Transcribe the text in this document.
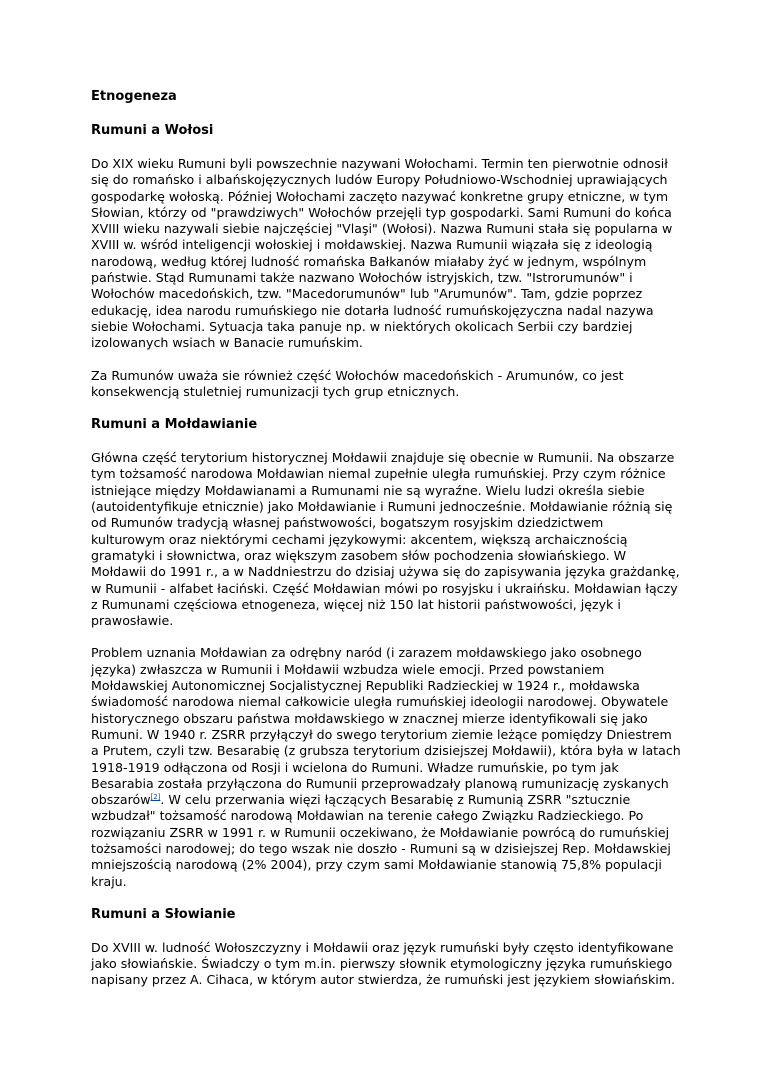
Etnogeneza
Rumuni a Wołosi

Do XIX wieku Rumuni byli powszechnie nazywani Wołochami. Termin ten pierwotnie odnosił się do romańsko i albańskojęzycznych ludów Europy Południowo-Wschodniej uprawiających gospodarkę wołoską. Później Wołochami zaczęto nazywać konkretne grupy etniczne, w tym Słowian, którzy od "prawdziwych" Wołochów przejęli typ gospodarki. Sami Rumuni do końca XVIII wieku nazywali siebie najczęściej "Vlaşi" (Wołosi). Nazwa Rumuni stała się popularna w XVIII w. wśród inteligencji wołoskiej i mołdawskiej. Nazwa Rumunii wiązała się z ideologią narodową, według której ludność romańska Bałkanów miałaby żyć w jednym, wspólnym państwie. Stąd Rumunami także nazwano Wołochów istryjskich, tzw. "Istrorumunów" i Wołochów macedońskich, tzw. "Macedorumunów" lub "Arumunów". Tam, gdzie poprzez edukację, idea narodu rumuńskiego nie dotarła ludność rumuńskojęzyczna nadal nazywa siebie Wołochami. Sytuacja taka panuje np. w niektórych okolicach Serbii czy bardziej izolowanych wsiach w Banacie rumuńskim.

Za Rumunów uważa sie również część Wołochów macedońskich - Arumunów, co jest konsekwencją stuletniej rumunizacji tych grup etnicznych.

Rumuni a Mołdawianie

Główna część terytorium historycznej Mołdawii znajduje się obecnie w Rumunii. Na obszarze tym tożsamość narodowa Mołdawian niemal zupełnie uległa rumuńskiej. Przy czym różnice istniejące między Mołdawianami a Rumunami nie są wyraźne. Wielu ludzi określa siebie (autoidentyfikuje etnicznie) jako Mołdawianie i Rumuni jednocześnie. Mołdawianie różnią się od Rumunów tradycją własnej państwowości, bogatszym rosyjskim dziedzictwem kulturowym oraz niektórymi cechami językowymi: akcentem, większą archaicznością gramatyki i słownictwa, oraz większym zasobem słów pochodzenia słowiańskiego. W Mołdawii do 1991 r., a w Naddniestrzu do dzisiaj używa się do zapisywania języka grażdankę, w Rumunii - alfabet łaciński. Część Mołdawian mówi po rosyjsku i ukraińsku. Mołdawian łączy z Rumunami częściowa etnogeneza, więcej niż 150 lat historii państwowości, język i prawosławie.

Problem uznania Mołdawian za odrębny naród (i zarazem mołdawskiego jako osobnego języka) zwłaszcza w Rumunii i Mołdawii wzbudza wiele emocji. Przed powstaniem Mołdawskiej Autonomicznej Socjalistycznej Republiki Radzieckiej w 1924 r., mołdawska świadomość narodowa niemal całkowicie uległa rumuńskiej ideologii narodowej. Obywatele historycznego obszaru państwa mołdawskiego w znacznej mierze identyfikowali się jako Rumuni. W 1940 r. ZSRR przyłączył do swego terytorium ziemie leżące pomiędzy Dniestrem a Prutem, czyli tzw. Besarabię (z grubsza terytorium dzisiejszej Mołdawii), która była w latach 1918-1919 odłączona od Rosji i wcielona do Rumuni. Władze rumuńskie, po tym jak Besarabia została przyłączona do Rumunii przeprowadzały planową rumunizację zyskanych obszarów[2]. W celu przerwania więzi łączących Besarabię z Rumunią ZSRR "sztucznie wzbudzał" tożsamość narodową Mołdawian na terenie całego Związku Radzieckiego. Po rozwiązaniu ZSRR w 1991 r. w Rumunii oczekiwano, że Mołdawianie powrócą do rumuńskiej tożsamości narodowej; do tego wszak nie doszło - Rumuni są w dzisiejszej Rep. Mołdawskiej mniejszością narodową (2% 2004), przy czym sami Mołdawianie stanowią 75,8% populacji kraju.

Rumuni a Słowianie

Do XVIII w. ludność Wołoszczyzny i Mołdawii oraz język rumuński były często identyfikowane jako słowiańskie. Świadczy o tym m.in. pierwszy słownik etymologiczny języka rumuńskiego napisany przez A. Cihaca, w którym autor stwierdza, że rumuński jest językiem słowiańskim.
